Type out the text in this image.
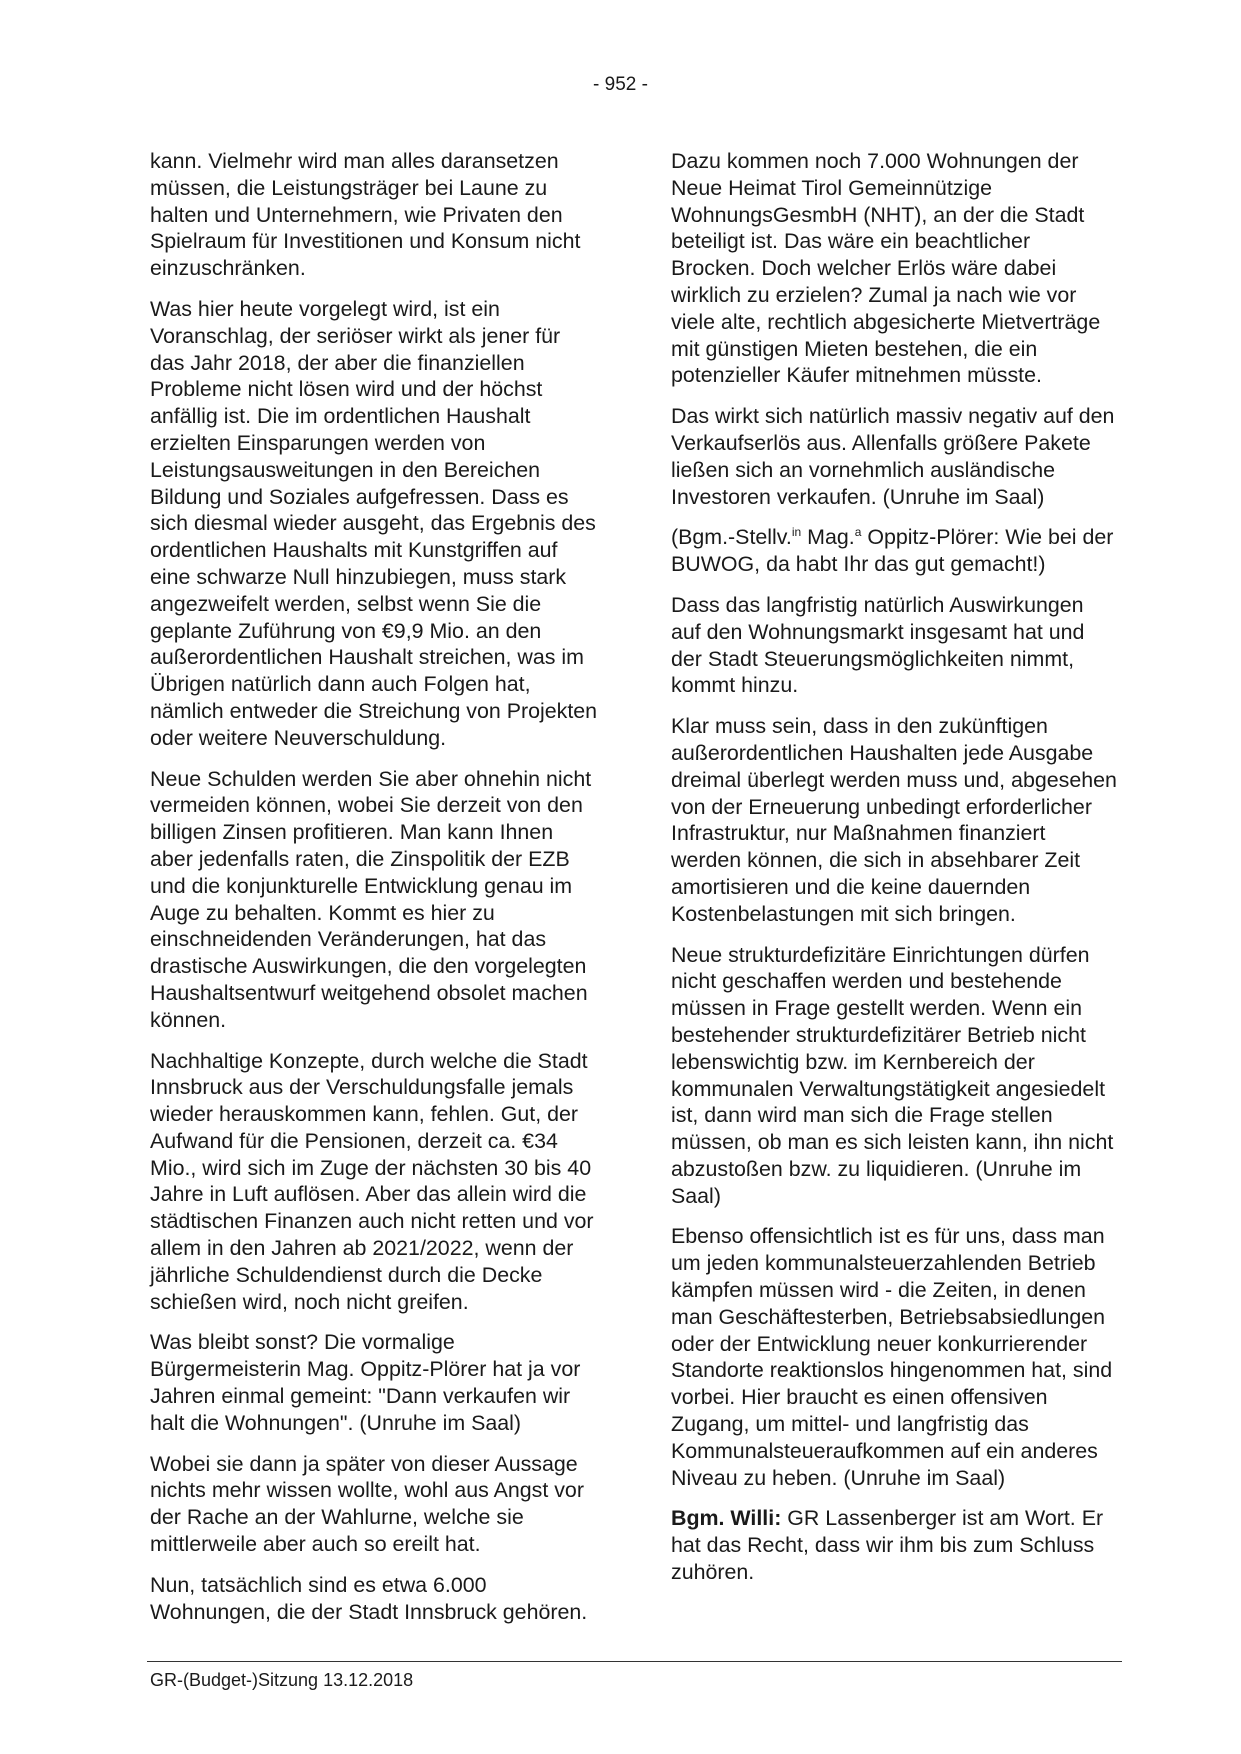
- 952 -

kann. Vielmehr wird man alles daransetzen müssen, die Leistungsträger bei Laune zu halten und Unternehmern, wie Privaten den Spielraum für Investitionen und Konsum nicht einzuschränken.

Was hier heute vorgelegt wird, ist ein Voranschlag, der seriöser wirkt als jener für das Jahr 2018, der aber die finanziellen Probleme nicht lösen wird und der höchst anfällig ist. Die im ordentlichen Haushalt erzielten Einsparungen werden von Leistungsausweitungen in den Bereichen Bildung und Soziales aufgefressen. Dass es sich diesmal wieder ausgeht, das Ergebnis des ordentlichen Haushalts mit Kunstgriffen auf eine schwarze Null hinzubiegen, muss stark angezweifelt werden, selbst wenn Sie die geplante Zuführung von €9,9 Mio. an den außerordentlichen Haushalt streichen, was im Übrigen natürlich dann auch Folgen hat, nämlich entweder die Streichung von Projekten oder weitere Neuverschuldung.

Neue Schulden werden Sie aber ohnehin nicht vermeiden können, wobei Sie derzeit von den billigen Zinsen profitieren. Man kann Ihnen aber jedenfalls raten, die Zinspolitik der EZB und die konjunkturelle Entwicklung genau im Auge zu behalten. Kommt es hier zu einschneidenden Veränderungen, hat das drastische Auswirkungen, die den vorgelegten Haushaltsentwurf weitgehend obsolet machen können.

Nachhaltige Konzepte, durch welche die Stadt Innsbruck aus der Verschuldungsfalle jemals wieder herauskommen kann, fehlen. Gut, der Aufwand für die Pensionen, derzeit ca. €34 Mio., wird sich im Zuge der nächsten 30 bis 40 Jahre in Luft auflösen. Aber das allein wird die städtischen Finanzen auch nicht retten und vor allem in den Jahren ab 2021/2022, wenn der jährliche Schuldendienst durch die Decke schießen wird, noch nicht greifen.

Was bleibt sonst? Die vormalige Bürgermeisterin Mag. Oppitz-Plörer hat ja vor Jahren einmal gemeint: "Dann verkaufen wir halt die Wohnungen". (Unruhe im Saal)

Wobei sie dann ja später von dieser Aussage nichts mehr wissen wollte, wohl aus Angst vor der Rache an der Wahlurne, welche sie mittlerweile aber auch so ereilt hat.

Nun, tatsächlich sind es etwa 6.000 Wohnungen, die der Stadt Innsbruck gehören.

Dazu kommen noch 7.000 Wohnungen der Neue Heimat Tirol Gemeinnützige WohnungsGesmbH (NHT), an der die Stadt beteiligt ist. Das wäre ein beachtlicher Brocken. Doch welcher Erlös wäre dabei wirklich zu erzielen? Zumal ja nach wie vor viele alte, rechtlich abgesicherte Mietverträge mit günstigen Mieten bestehen, die ein potenzieller Käufer mitnehmen müsste.

Das wirkt sich natürlich massiv negativ auf den Verkaufserlös aus. Allenfalls größere Pakete ließen sich an vornehmlich ausländische Investoren verkaufen. (Unruhe im Saal)

(Bgm.-Stellv.$^{in}$ Mag.$^a$ Oppitz-Plörer: Wie bei der BUWOG, da habt Ihr das gut gemacht!)

Dass das langfristig natürlich Auswirkungen auf den Wohnungsmarkt insgesamt hat und der Stadt Steuerungsmöglichkeiten nimmt, kommt hinzu.

Klar muss sein, dass in den zukünftigen außerordentlichen Haushalten jede Ausgabe dreimal überlegt werden muss und, abgesehen von der Erneuerung unbedingt erforderlicher Infrastruktur, nur Maßnahmen finanziert werden können, die sich in absehbarer Zeit amortisieren und die keine dauernden Kostenbelastungen mit sich bringen.

Neue strukturdefizitäre Einrichtungen dürfen nicht geschaffen werden und bestehende müssen in Frage gestellt werden. Wenn ein bestehender strukturdefizitärer Betrieb nicht lebenswichtig bzw. im Kernbereich der kommunalen Verwaltungstätigkeit angesiedelt ist, dann wird man sich die Frage stellen müssen, ob man es sich leisten kann, ihn nicht abzustoßen bzw. zu liquidieren. (Unruhe im Saal)

Ebenso offensichtlich ist es für uns, dass man um jeden kommunalsteuerzahlenden Betrieb kämpfen müssen wird - die Zeiten, in denen man Geschäftesterben, Betriebsabsiedlungen oder der Entwicklung neuer konkurrierender Standorte reaktionslos hingenommen hat, sind vorbei. Hier braucht es einen offensiven Zugang, um mittel- und langfristig das Kommunalsteueraufkommen auf ein anderes Niveau zu heben. (Unruhe im Saal)

Bgm. Willi: GR Lassenberger ist am Wort. Er hat das Recht, dass wir ihm bis zum Schluss zuhören.

GR-(Budget-)Sitzung 13.12.2018
